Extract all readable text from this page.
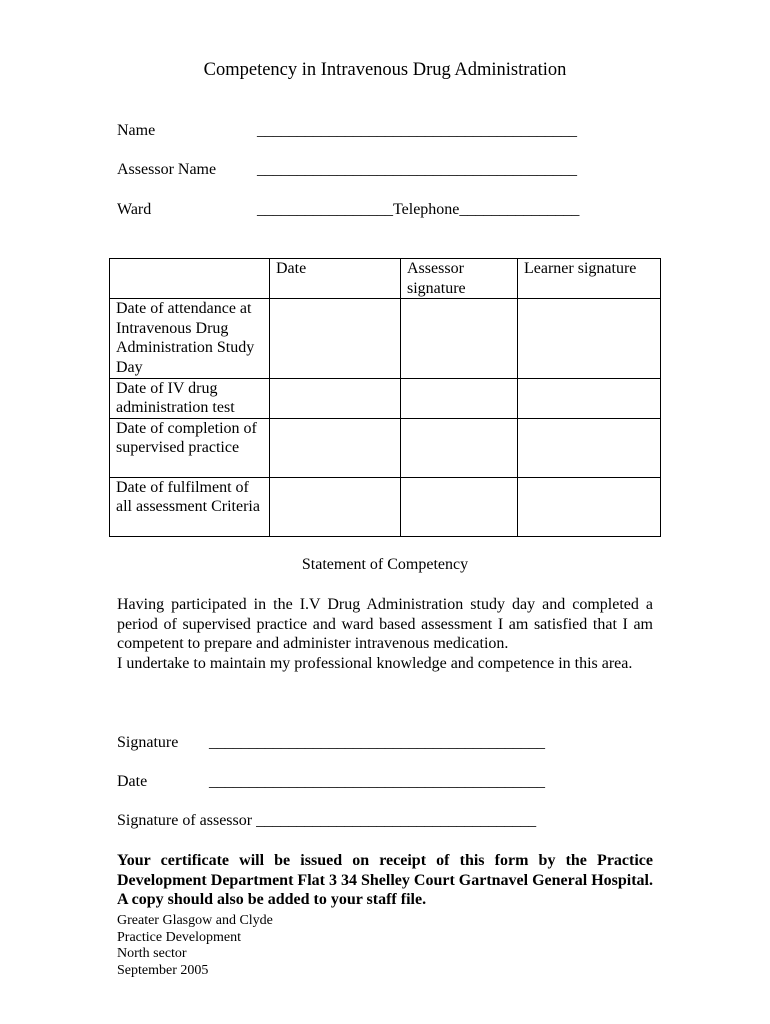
Competency in Intravenous Drug Administration
Name	________________________________________
Assessor Name	________________________________________
Ward	_________________Telephone_______________
	Date	Assessor signature	Learner signature
Date of attendance at Intravenous Drug Administration Study Day			
Date of IV drug administration test			
Date of completion of supervised practice			
Date of fulfilment of all assessment Criteria			
Statement of Competency

Having participated in the I.V Drug Administration study day and completed a period of supervised practice and ward based assessment I am satisfied that I am competent to prepare and administer intravenous medication.

I undertake to maintain my professional knowledge and competence in this area.

Signature __________________________________________
Date	__________________________________________
Signature of assessor ___________________________________
Your certificate will be issued on receipt of this form by the Practice Development Department Flat 3 34 Shelley Court Gartnavel General Hospital. A copy should also be added to your staff file.
Greater Glasgow and Clyde
Practice Development
North sector
September 2005
